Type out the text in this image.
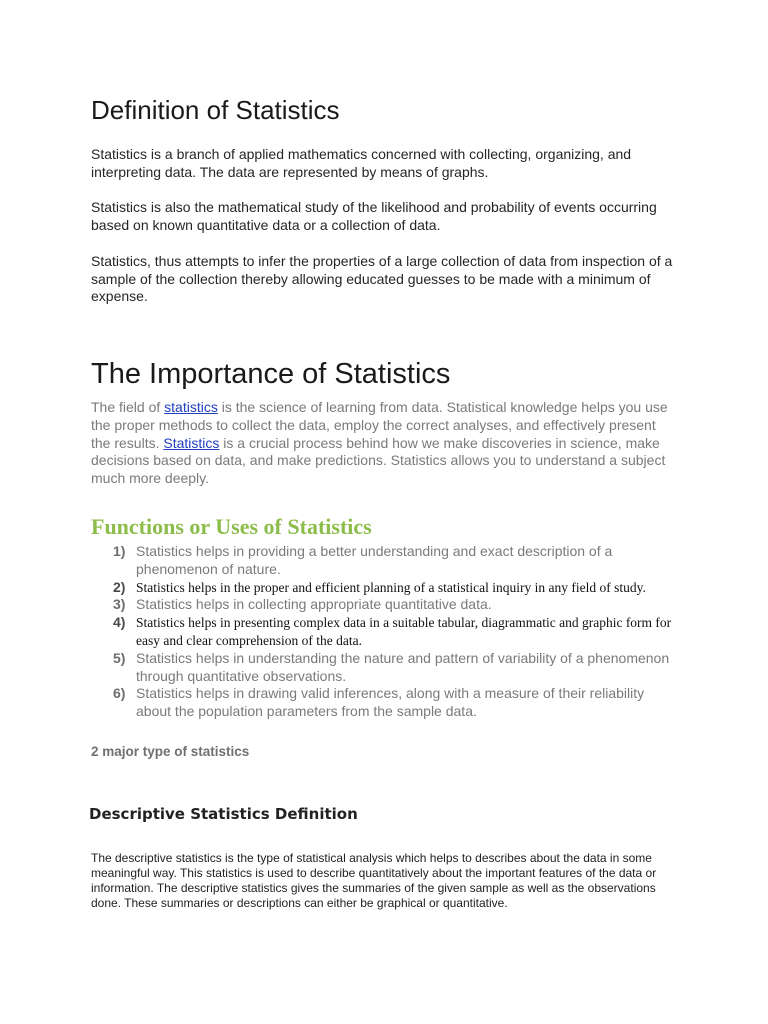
Definition of Statistics

Statistics is a branch of applied mathematics concerned with collecting, organizing, and interpreting data. The data are represented by means of graphs.

Statistics is also the mathematical study of the likelihood and probability of events occurring based on known quantitative data or a collection of data.

Statistics, thus attempts to infer the properties of a large collection of data from inspection of a sample of the collection thereby allowing educated guesses to be made with a minimum of expense.

The Importance of Statistics

The field of statistics is the science of learning from data. Statistical knowledge helps you use the proper methods to collect the data, employ the correct analyses, and effectively present the results. Statistics is a crucial process behind how we make discoveries in science, make decisions based on data, and make predictions. Statistics allows you to understand a subject much more deeply.

Functions or Uses of Statistics
1) Statistics helps in providing a better understanding and exact description of a phenomenon of nature.
2) Statistics helps in the proper and efficient planning of a statistical inquiry in any field of study.
3) Statistics helps in collecting appropriate quantitative data.
4) Statistics helps in presenting complex data in a suitable tabular, diagrammatic and graphic form for easy and clear comprehension of the data.
5) Statistics helps in understanding the nature and pattern of variability of a phenomenon through quantitative observations.
6) Statistics helps in drawing valid inferences, along with a measure of their reliability about the population parameters from the sample data.
2 major type of statistics
Descriptive Statistics Definition

The descriptive statistics is the type of statistical analysis which helps to describes about the data in some meaningful way. This statistics is used to describe quantitatively about the important features of the data or information. The descriptive statistics gives the summaries of the given sample as well as the observations done. These summaries or descriptions can either be graphical or quantitative.
